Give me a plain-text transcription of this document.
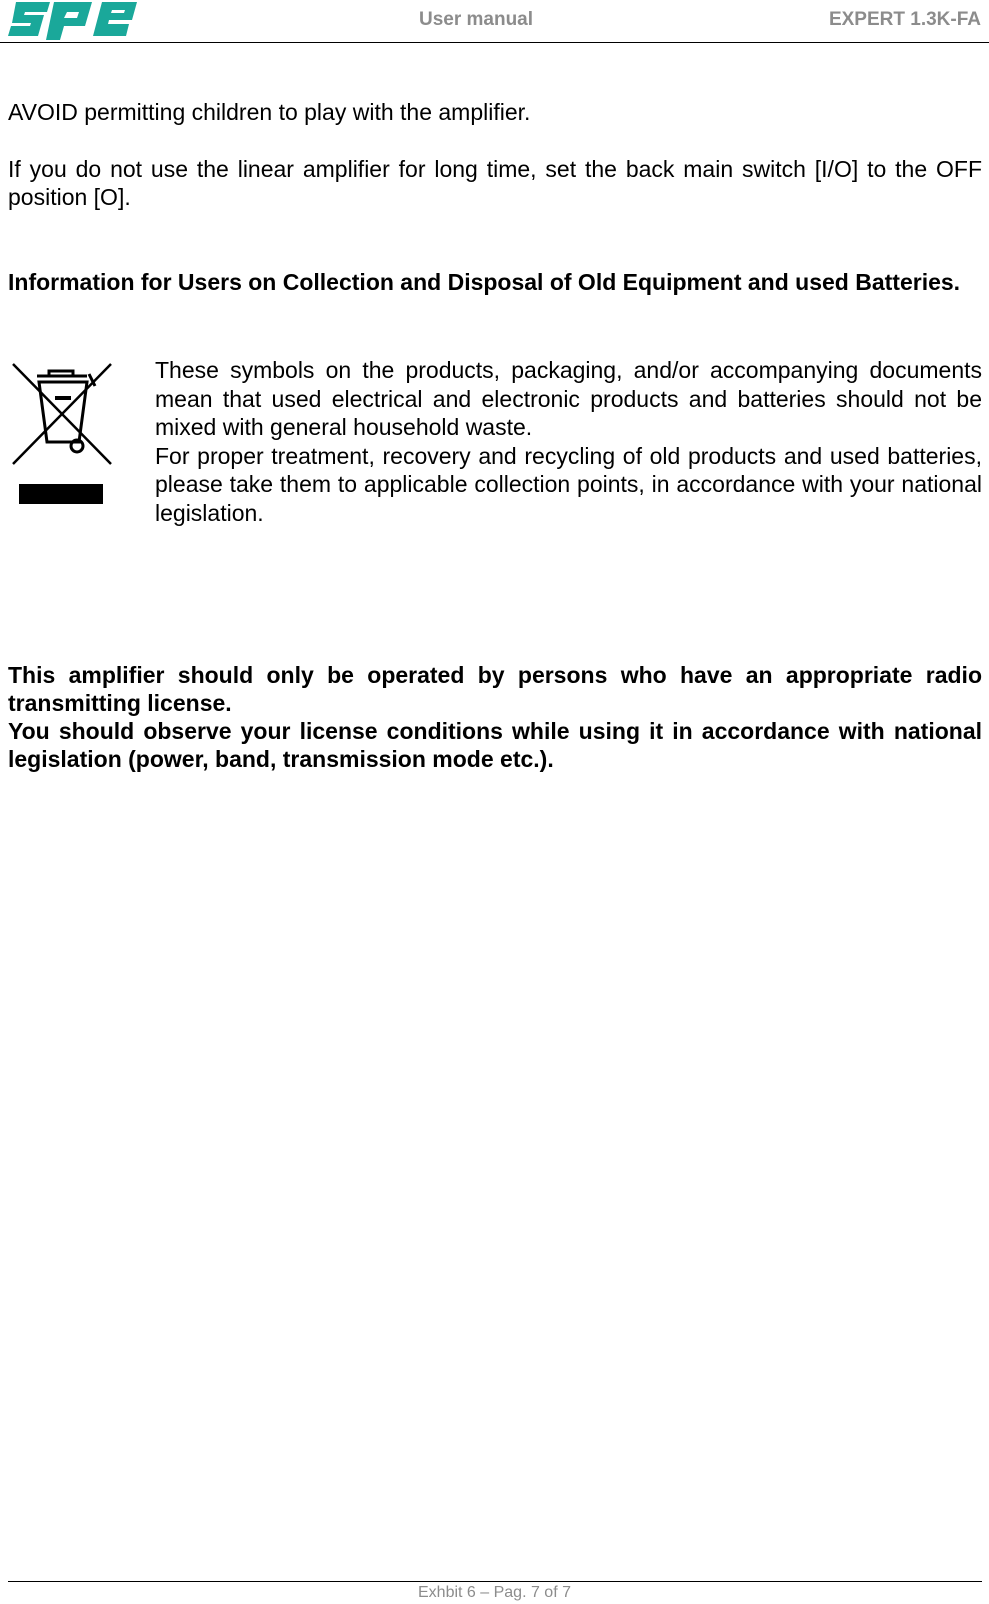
User manual	EXPERT 1.3K-FA

AVOID permitting children to play with the amplifier.

If you do not use the linear amplifier for long time, set the back main switch [I/O] to the OFF position [O].

Information for Users on Collection and Disposal of Old Equipment and used Batteries.

These symbols on the products, packaging, and/or accompanying documents mean that used electrical and electronic products and batteries should not be mixed with general household waste.

For proper treatment, recovery and recycling of old products and used batteries, please take them to applicable collection points, in accordance with your national legislation.

This amplifier should only be operated by persons who have an appropriate radio transmitting license.

You should observe your license conditions while using it in accordance with national legislation (power, band, transmission mode etc.).

Exhbit 6 – Pag. 7 of 7
